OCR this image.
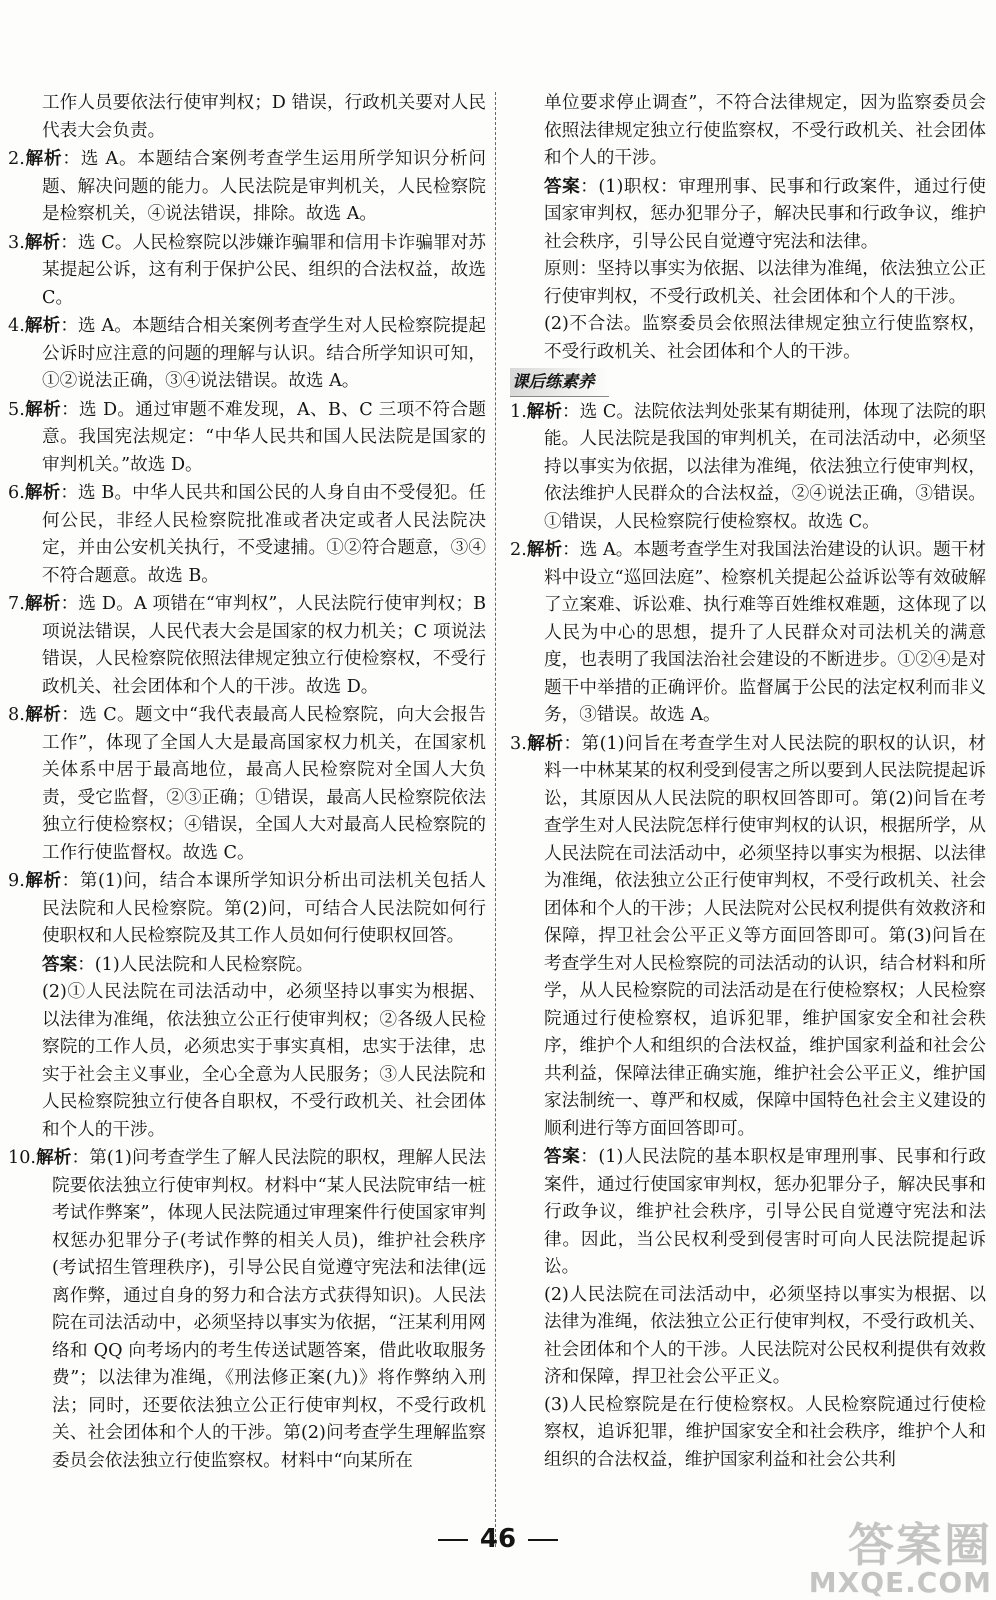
工作人员要依法行使审判权；D 错误，行政机关要对人民代表大会负责。

2.解析：选 A。本题结合案例考查学生运用所学知识分析问题、解决问题的能力。人民法院是审判机关，人民检察院是检察机关，④说法错误，排除。故选 A。

3.解析：选 C。人民检察院以涉嫌诈骗罪和信用卡诈骗罪对苏某提起公诉，这有利于保护公民、组织的合法权益，故选 C。

4.解析：选 A。本题结合相关案例考查学生对人民检察院提起公诉时应注意的问题的理解与认识。结合所学知识可知，①②说法正确，③④说法错误。故选 A。

5.解析：选 D。通过审题不难发现，A、B、C 三项不符合题意。我国宪法规定：“中华人民共和国人民法院是国家的审判机关。”故选 D。

6.解析：选 B。中华人民共和国公民的人身自由不受侵犯。任何公民，非经人民检察院批准或者决定或者人民法院决定，并由公安机关执行，不受逮捕。①②符合题意，③④不符合题意。故选 B。

7.解析：选 D。A 项错在“审判权”，人民法院行使审判权；B 项说法错误，人民代表大会是国家的权力机关；C 项说法错误，人民检察院依照法律规定独立行使检察权，不受行政机关、社会团体和个人的干涉。故选 D。

8.解析：选 C。题文中“我代表最高人民检察院，向大会报告工作”，体现了全国人大是最高国家权力机关，在国家机关体系中居于最高地位，最高人民检察院对全国人大负责，受它监督，②③正确；①错误，最高人民检察院依法独立行使检察权；④错误，全国人大对最高人民检察院的工作行使监督权。故选 C。

9.解析：第(1)问，结合本课所学知识分析出司法机关包括人民法院和人民检察院。第(2)问，可结合人民法院如何行使职权和人民检察院及其工作人员如何行使职权回答。

答案：(1)人民法院和人民检察院。

(2)①人民法院在司法活动中，必须坚持以事实为根据、以法律为准绳，依法独立公正行使审判权；②各级人民检察院的工作人员，必须忠实于事实真相，忠实于法律，忠实于社会主义事业，全心全意为人民服务；③人民法院和人民检察院独立行使各自职权，不受行政机关、社会团体和个人的干涉。

10.解析：第(1)问考查学生了解人民法院的职权，理解人民法院要依法独立行使审判权。材料中“某人民法院审结一桩考试作弊案”，体现人民法院通过审理案件行使国家审判权惩办犯罪分子(考试作弊的相关人员)，维护社会秩序(考试招生管理秩序)，引导公民自觉遵守宪法和法律(远离作弊，通过自身的努力和合法方式获得知识)。人民法院在司法活动中，必须坚持以事实为依据，“汪某利用网络和 QQ 向考场内的考生传送试题答案，借此收取服务费”；以法律为准绳，《刑法修正案(九)》将作弊纳入刑法；同时，还要依法独立公正行使审判权，不受行政机关、社会团体和个人的干涉。第(2)问考查学生理解监察委员会依法独立行使监察权。材料中“向某所在

单位要求停止调查”，不符合法律规定，因为监察委员会依照法律规定独立行使监察权，不受行政机关、社会团体和个人的干涉。

答案：(1)职权：审理刑事、民事和行政案件，通过行使国家审判权，惩办犯罪分子，解决民事和行政争议，维护社会秩序，引导公民自觉遵守宪法和法律。

原则：坚持以事实为依据、以法律为准绳，依法独立公正行使审判权，不受行政机关、社会团体和个人的干涉。

(2)不合法。监察委员会依照法律规定独立行使监察权，不受行政机关、社会团体和个人的干涉。

课后练素养

1.解析：选 C。法院依法判处张某有期徒刑，体现了法院的职能。人民法院是我国的审判机关，在司法活动中，必须坚持以事实为依据，以法律为准绳，依法独立行使审判权，依法维护人民群众的合法权益，②④说法正确，③错误。①错误，人民检察院行使检察权。故选 C。

2.解析：选 A。本题考查学生对我国法治建设的认识。题干材料中设立“巡回法庭”、检察机关提起公益诉讼等有效破解了立案难、诉讼难、执行难等百姓维权难题，这体现了以人民为中心的思想，提升了人民群众对司法机关的满意度，也表明了我国法治社会建设的不断进步。①②④是对题干中举措的正确评价。监督属于公民的法定权利而非义务，③错误。故选 A。

3.解析：第(1)问旨在考查学生对人民法院的职权的认识，材料一中林某某的权利受到侵害之所以要到人民法院提起诉讼，其原因从人民法院的职权回答即可。第(2)问旨在考查学生对人民法院怎样行使审判权的认识，根据所学，从人民法院在司法活动中，必须坚持以事实为根据、以法律为准绳，依法独立公正行使审判权，不受行政机关、社会团体和个人的干涉；人民法院对公民权利提供有效救济和保障，捍卫社会公平正义等方面回答即可。第(3)问旨在考查学生对人民检察院的司法活动的认识，结合材料和所学，从人民检察院的司法活动是在行使检察权；人民检察院通过行使检察权，追诉犯罪，维护国家安全和社会秩序，维护个人和组织的合法权益，维护国家利益和社会公共利益，保障法律正确实施，维护社会公平正义，维护国家法制统一、尊严和权威，保障中国特色社会主义建设的顺利进行等方面回答即可。

答案：(1)人民法院的基本职权是审理刑事、民事和行政案件，通过行使国家审判权，惩办犯罪分子，解决民事和行政争议，维护社会秩序，引导公民自觉遵守宪法和法律。因此，当公民权利受到侵害时可向人民法院提起诉讼。

(2)人民法院在司法活动中，必须坚持以事实为根据、以法律为准绳，依法独立公正行使审判权，不受行政机关、社会团体和个人的干涉。人民法院对公民权利提供有效救济和保障，捍卫社会公平正义。

(3)人民检察院是在行使检察权。人民检察院通过行使检察权，追诉犯罪，维护国家安全和社会秩序，维护个人和组织的合法权益，维护国家利益和社会公共利

46	答案圈
MXQE.COM
